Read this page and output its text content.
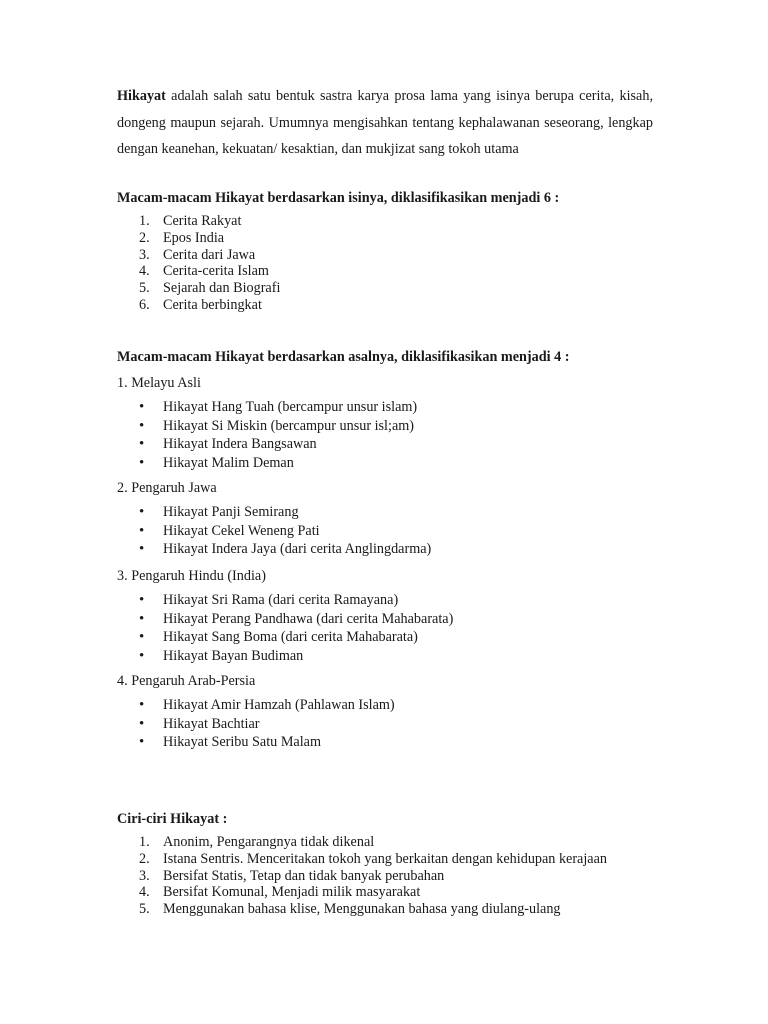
Hikayat adalah salah satu bentuk sastra karya prosa lama yang isinya berupa cerita, kisah, dongeng maupun sejarah. Umumnya mengisahkan tentang kephalawanan seseorang, lengkap dengan keanehan, kekuatan/ kesaktian, dan mukjizat sang tokoh utama

Macam-macam Hikayat berdasarkan isinya, diklasifikasikan menjadi 6 :

1. Cerita Rakyat
2. Epos India
3. Cerita dari Jawa
4. Cerita-cerita Islam
5. Sejarah dan Biografi
6. Cerita berbingkat

Macam-macam Hikayat berdasarkan asalnya, diklasifikasikan menjadi 4 :

1. Melayu Asli

• Hikayat Hang Tuah (bercampur unsur islam)
• Hikayat Si Miskin (bercampur unsur isl;am)
• Hikayat Indera Bangsawan
• Hikayat Malim Deman

2. Pengaruh Jawa

• Hikayat Panji Semirang
• Hikayat Cekel Weneng Pati
• Hikayat Indera Jaya (dari cerita Anglingdarma)

3. Pengaruh Hindu (India)

• Hikayat Sri Rama (dari cerita Ramayana)
• Hikayat Perang Pandhawa (dari cerita Mahabarata)
• Hikayat Sang Boma (dari cerita Mahabarata)
• Hikayat Bayan Budiman

4. Pengaruh Arab-Persia

• Hikayat Amir Hamzah (Pahlawan Islam)
• Hikayat Bachtiar
• Hikayat Seribu Satu Malam

Ciri-ciri Hikayat :

1. Anonim, Pengarangnya tidak dikenal
2. Istana Sentris. Menceritakan tokoh yang berkaitan dengan kehidupan kerajaan
3. Bersifat Statis, Tetap dan tidak banyak perubahan
4. Bersifat Komunal, Menjadi milik masyarakat
5. Menggunakan bahasa klise, Menggunakan bahasa yang diulang-ulang
